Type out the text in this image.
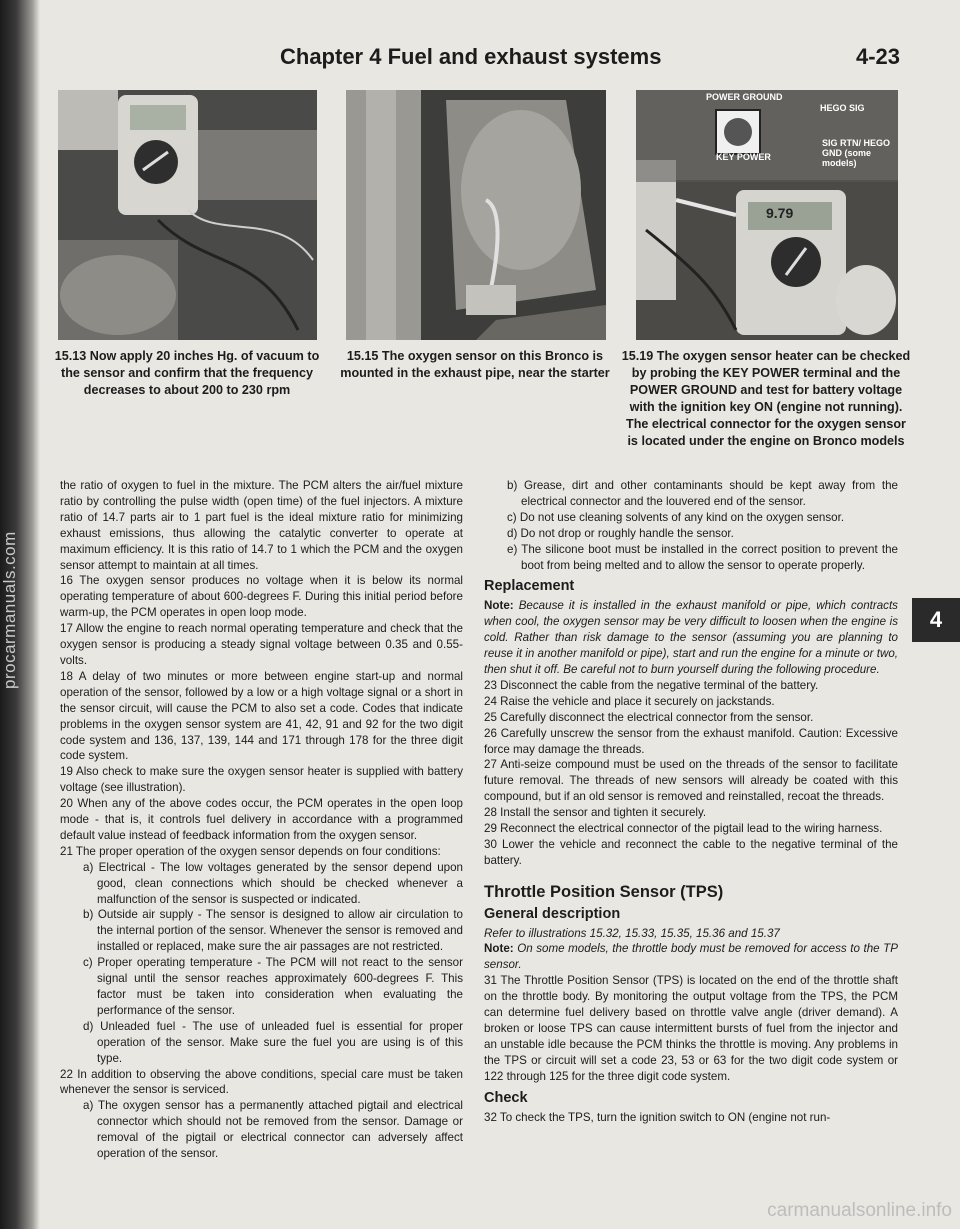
procarmanuals.com
Chapter 4 Fuel and exhaust systems	4-23
15.13 Now apply 20 inches Hg. of vacuum to the sensor and confirm that the frequency decreases to about 200 to 230 rpm
15.15 The oxygen sensor on this Bronco is mounted in the exhaust pipe, near the starter
POWER GROUND
HEGO SIG
SIG RTN/ HEGO GND (some models)
KEY POWER
9.79
15.19 The oxygen sensor heater can be checked by probing the KEY POWER terminal and the POWER GROUND and test for battery voltage with the ignition key ON (engine not running). The electrical connector for the oxygen sensor is located under the engine on Bronco models

the ratio of oxygen to fuel in the mixture. The PCM alters the air/fuel mixture ratio by controlling the pulse width (open time) of the fuel injectors. A mixture ratio of 14.7 parts air to 1 part fuel is the ideal mixture ratio for minimizing exhaust emissions, thus allowing the catalytic converter to operate at maximum efficiency. It is this ratio of 14.7 to 1 which the PCM and the oxygen sensor attempt to maintain at all times.

16 The oxygen sensor produces no voltage when it is below its normal operating temperature of about 600-degrees F. During this initial period before warm-up, the PCM operates in open loop mode.

17 Allow the engine to reach normal operating temperature and check that the oxygen sensor is producing a steady signal voltage between 0.35 and 0.55-volts.

18 A delay of two minutes or more between engine start-up and normal operation of the sensor, followed by a low or a high voltage signal or a short in the sensor circuit, will cause the PCM to also set a code. Codes that indicate problems in the oxygen sensor system are 41, 42, 91 and 92 for the two digit code system and 136, 137, 139, 144 and 171 through 178 for the three digit code system.

19 Also check to make sure the oxygen sensor heater is supplied with battery voltage (see illustration).

20 When any of the above codes occur, the PCM operates in the open loop mode - that is, it controls fuel delivery in accordance with a programmed default value instead of feedback information from the oxygen sensor.

21 The proper operation of the oxygen sensor depends on four conditions:

a) Electrical - The low voltages generated by the sensor depend upon good, clean connections which should be checked whenever a malfunction of the sensor is suspected or indicated.

b) Outside air supply - The sensor is designed to allow air circulation to the internal portion of the sensor. Whenever the sensor is removed and installed or replaced, make sure the air passages are not restricted.

c) Proper operating temperature - The PCM will not react to the sensor signal until the sensor reaches approximately 600-degrees F. This factor must be taken into consideration when evaluating the performance of the sensor.

d) Unleaded fuel - The use of unleaded fuel is essential for proper operation of the sensor. Make sure the fuel you are using is of this type.

22 In addition to observing the above conditions, special care must be taken whenever the sensor is serviced.

a) The oxygen sensor has a permanently attached pigtail and electrical connector which should not be removed from the sensor. Damage or removal of the pigtail or electrical connector can adversely affect operation of the sensor.

b) Grease, dirt and other contaminants should be kept away from the electrical connector and the louvered end of the sensor.

c) Do not use cleaning solvents of any kind on the oxygen sensor.

d) Do not drop or roughly handle the sensor.

e) The silicone boot must be installed in the correct position to prevent the boot from being melted and to allow the sensor to operate properly.

Replacement

Note: Because it is installed in the exhaust manifold or pipe, which contracts when cool, the oxygen sensor may be very difficult to loosen when the engine is cold. Rather than risk damage to the sensor (assuming you are planning to reuse it in another manifold or pipe), start and run the engine for a minute or two, then shut it off. Be careful not to burn yourself during the following procedure.

23 Disconnect the cable from the negative terminal of the battery.

24 Raise the vehicle and place it securely on jackstands.

25 Carefully disconnect the electrical connector from the sensor.

26 Carefully unscrew the sensor from the exhaust manifold. Caution: Excessive force may damage the threads.

27 Anti-seize compound must be used on the threads of the sensor to facilitate future removal. The threads of new sensors will already be coated with this compound, but if an old sensor is removed and reinstalled, recoat the threads.

28 Install the sensor and tighten it securely.

29 Reconnect the electrical connector of the pigtail lead to the wiring harness.

30 Lower the vehicle and reconnect the cable to the negative terminal of the battery.

Throttle Position Sensor (TPS)

General description

Refer to illustrations 15.32, 15.33, 15.35, 15.36 and 15.37

Note: On some models, the throttle body must be removed for access to the TP sensor.

31 The Throttle Position Sensor (TPS) is located on the end of the throttle shaft on the throttle body. By monitoring the output voltage from the TPS, the PCM can determine fuel delivery based on throttle valve angle (driver demand). A broken or loose TPS can cause intermittent bursts of fuel from the injector and an unstable idle because the PCM thinks the throttle is moving. Any problems in the TPS or circuit will set a code 23, 53 or 63 for the two digit code system or 122 through 125 for the three digit code system.

Check

32 To check the TPS, turn the ignition switch to ON (engine not run-

4
carmanualsonline.info
